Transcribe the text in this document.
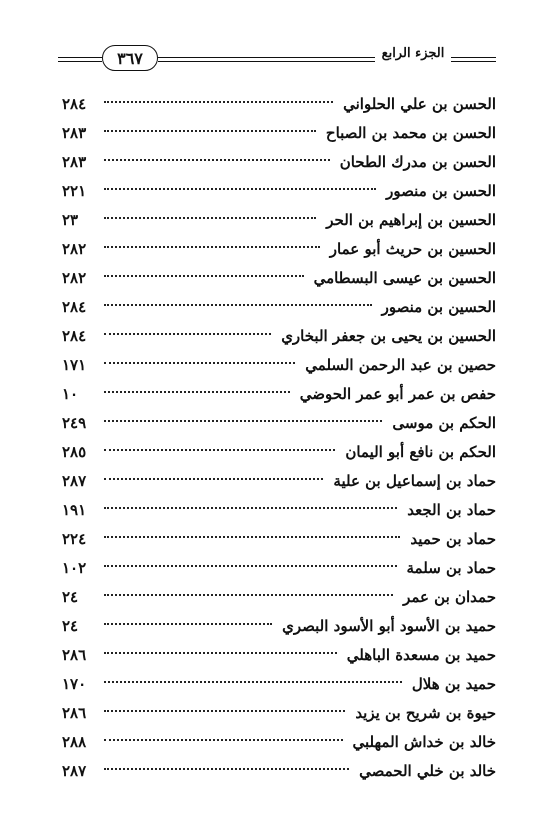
٣٦٧	الجزء الرابع
الحسن بن علي الحلواني
٢٨٤
الحسن بن محمد بن الصباح
٢٨٣
الحسن بن مدرك الطحان
٢٨٣
الحسن بن منصور
٢٢١
الحسين بن إبراهيم بن الحر
٢٣
الحسين بن حريث أبو عمار
٢٨٢
الحسين بن عيسى البسطامي
٢٨٢
الحسين بن منصور
٢٨٤
الحسين بن يحيى بن جعفر البخاري
٢٨٤
حصين بن عبد الرحمن السلمي
١٧١
حفص بن عمر أبو عمر الحوضي
١٠
الحكم بن موسى
٢٤٩
الحكم بن نافع أبو اليمان
٢٨٥
حماد بن إسماعيل بن علية
٢٨٧
حماد بن الجعد
١٩١
حماد بن حميد
٢٢٤
حماد بن سلمة
١٠٢
حمدان بن عمر
٢٤
حميد بن الأسود أبو الأسود البصري
٢٤
حميد بن مسعدة الباهلي
٢٨٦
حميد بن هلال
١٧٠
حيوة بن شريح بن يزيد
٢٨٦
خالد بن خداش المهلبي
٢٨٨
خالد بن خلي الحمصي
٢٨٧
